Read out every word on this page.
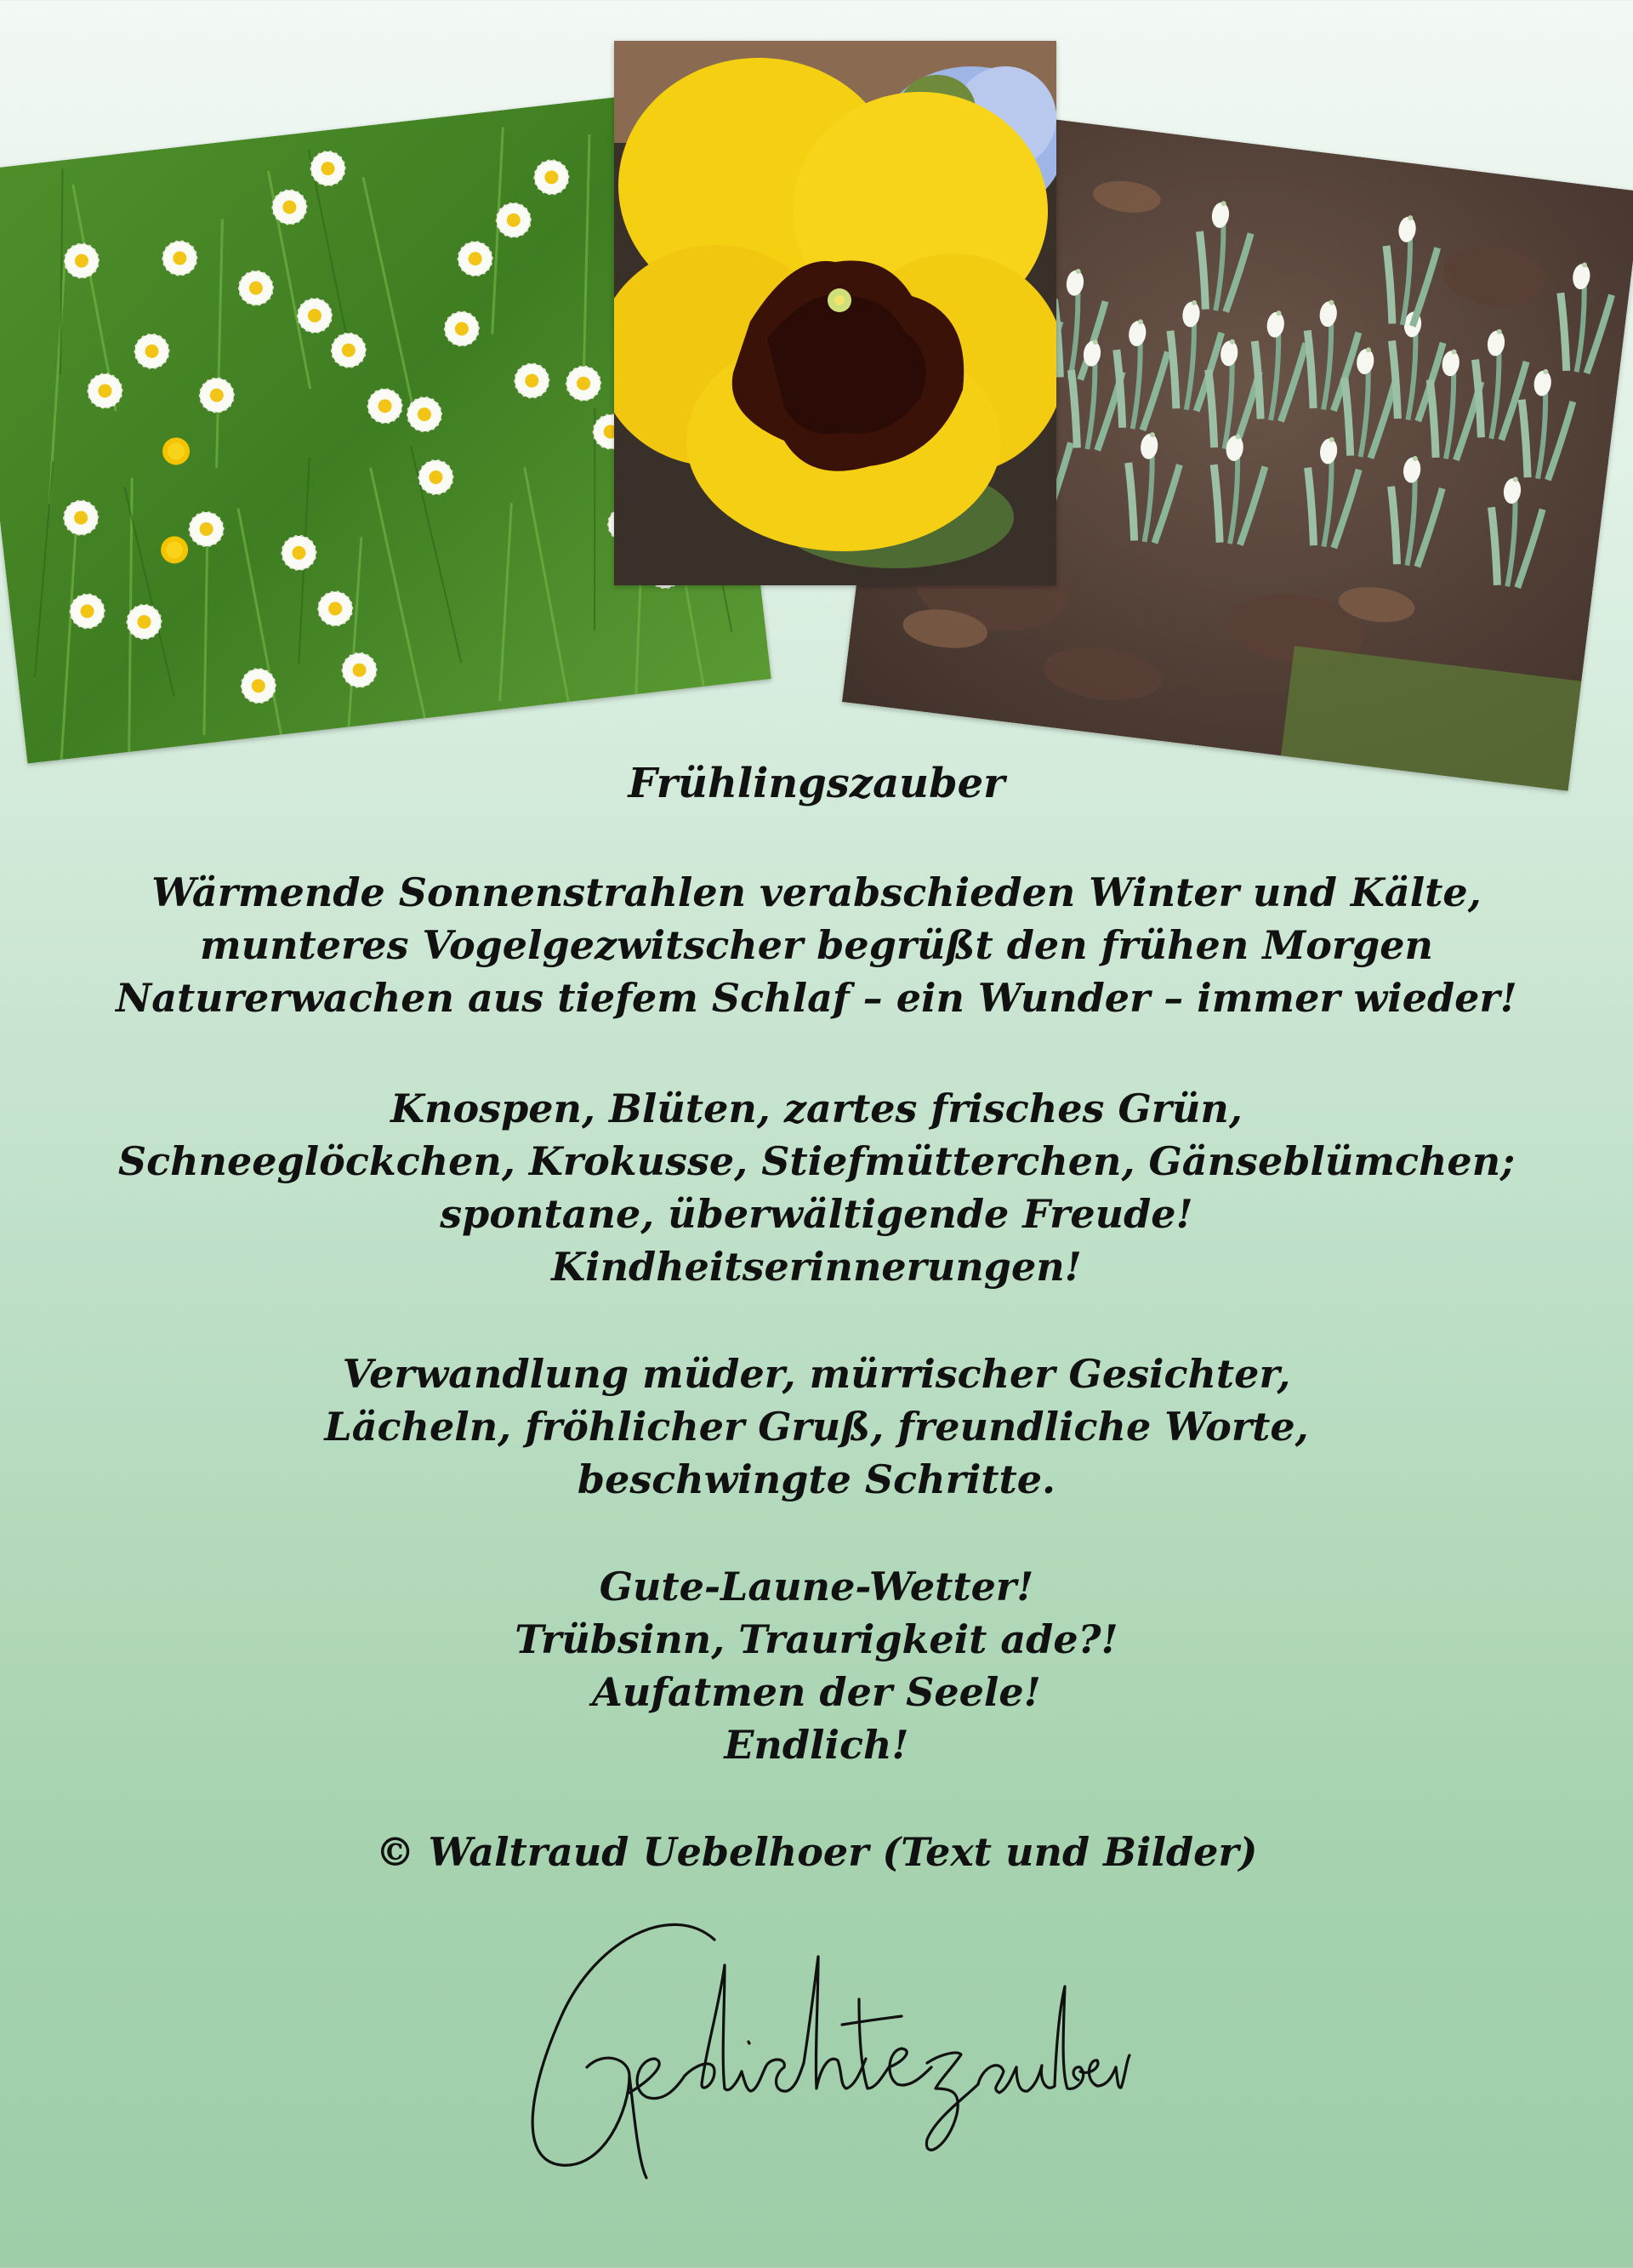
Frühlingszauber
Wärmende Sonnenstrahlen verabschieden Winter und Kälte,
munteres Vogelgezwitscher begrüßt den frühen Morgen
Naturerwachen aus tiefem Schlaf – ein Wunder – immer wieder!
Knospen, Blüten, zartes frisches Grün,
Schneeglöckchen, Krokusse, Stiefmütterchen, Gänseblümchen;
spontane, überwältigende Freude!
Kindheitserinnerungen!
Verwandlung müder, mürrischer Gesichter,
Lächeln, fröhlicher Gruß, freundliche Worte,
beschwingte Schritte.
Gute-Laune-Wetter!
Trübsinn, Traurigkeit ade?!
Aufatmen der Seele!
Endlich!
© Waltraud Uebelhoer (Text und Bilder)
